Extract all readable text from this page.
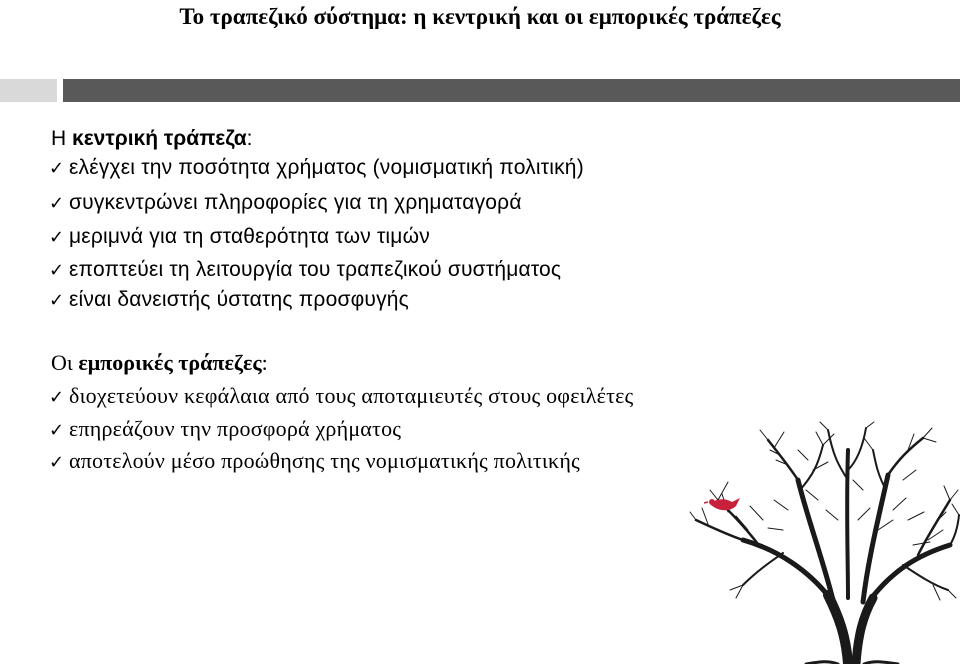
Το τραπεζικό σύστημα: η κεντρική και οι εμπορικές τράπεζες
Η κεντρική τράπεζα:
✓ ελέγχει την ποσότητα χρήματος (νομισματική πολιτική)
✓ συγκεντρώνει πληροφορίες για τη χρηματαγορά
✓ μεριμνά για τη σταθερότητα των τιμών
✓ εποπτεύει τη λειτουργία του τραπεζικού συστήματος
✓ είναι δανειστής ύστατης προσφυγής
Οι εμπορικές τράπεζες:
✓ διοχετεύουν κεφάλαια από τους αποταμιευτές στους οφειλέτες
✓ επηρεάζουν την προσφορά χρήματος
✓ αποτελούν μέσο προώθησης της νομισματικής πολιτικής
